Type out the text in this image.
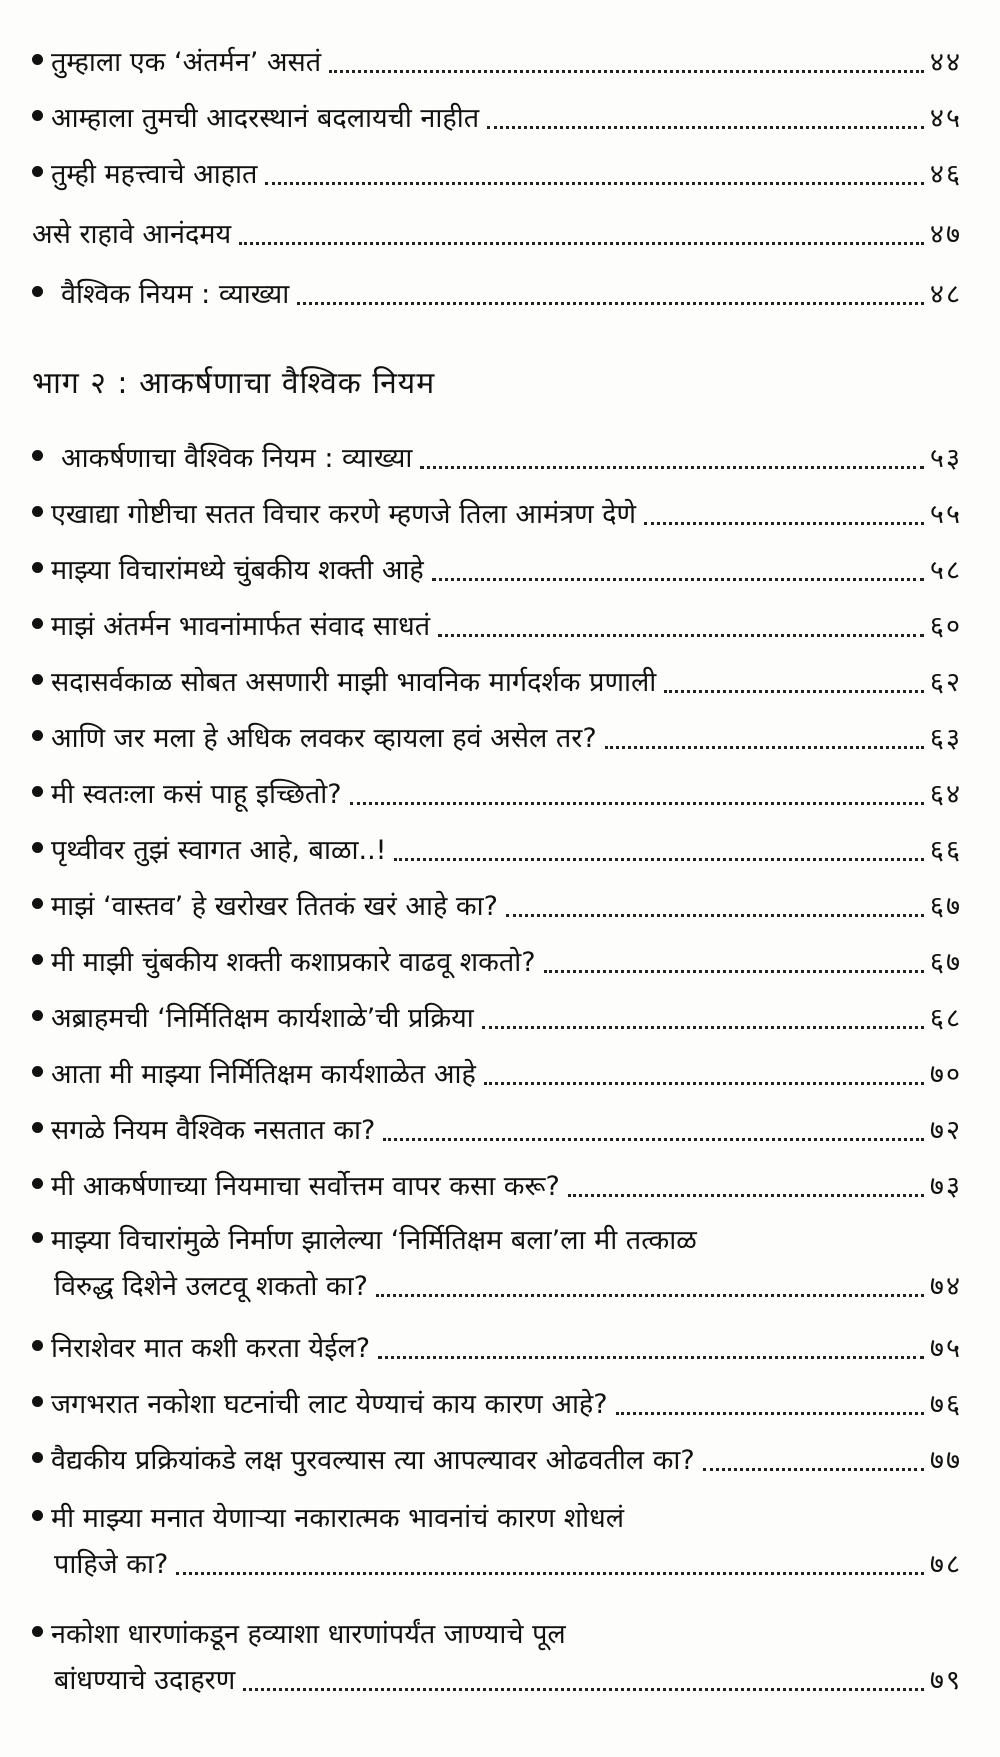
तुम्हाला एक ‘अंतर्मन’ असतं	४४
आम्हाला तुमची आदरस्थानं बदलायची नाहीत	४५
तुम्ही महत्त्वाचे आहात	४६
असे राहावे आनंदमय	४७
वैश्विक नियम : व्याख्या	४८
भाग २ : आकर्षणाचा वैश्विक नियम
आकर्षणाचा वैश्विक नियम : व्याख्या	५३
एखाद्या गोष्टीचा सतत विचार करणे म्हणजे तिला आमंत्रण देणे	५५
माझ्या विचारांमध्ये चुंबकीय शक्ती आहे	५८
माझं अंतर्मन भावनांमार्फत संवाद साधतं	६०
सदासर्वकाळ सोबत असणारी माझी भावनिक मार्गदर्शक प्रणाली	६२
आणि जर मला हे अधिक लवकर व्हायला हवं असेल तर?	६३
मी स्वतःला कसं पाहू इच्छितो?	६४
पृथ्वीवर तुझं स्वागत आहे, बाळा..!	६६
माझं ‘वास्तव’ हे खरोखर तितकं खरं आहे का?	६७
मी माझी चुंबकीय शक्ती कशाप्रकारे वाढवू शकतो?	६७
अब्राहमची ‘निर्मितिक्षम कार्यशाळे’ची प्रक्रिया	६८
आता मी माझ्या निर्मितिक्षम कार्यशाळेत आहे	७०
सगळे नियम वैश्विक नसतात का?	७२
मी आकर्षणाच्या नियमाचा सर्वोत्तम वापर कसा करू?	७३
माझ्या विचारांमुळे निर्माण झालेल्या ‘निर्मितिक्षम बला’ला मी तत्काळ
विरुद्ध दिशेने उलटवू शकतो का?	७४
निराशेवर मात कशी करता येईल?	७५
जगभरात नकोशा घटनांची लाट येण्याचं काय कारण आहे?	७६
वैद्यकीय प्रक्रियांकडे लक्ष पुरवल्यास त्या आपल्यावर ओढवतील का?	७७
मी माझ्या मनात येणाऱ्या नकारात्मक भावनांचं कारण शोधलं
पाहिजे का?	७८
नकोशा धारणांकडून हव्याशा धारणांपर्यंत जाण्याचे पूल
बांधण्याचे उदाहरण	७९
